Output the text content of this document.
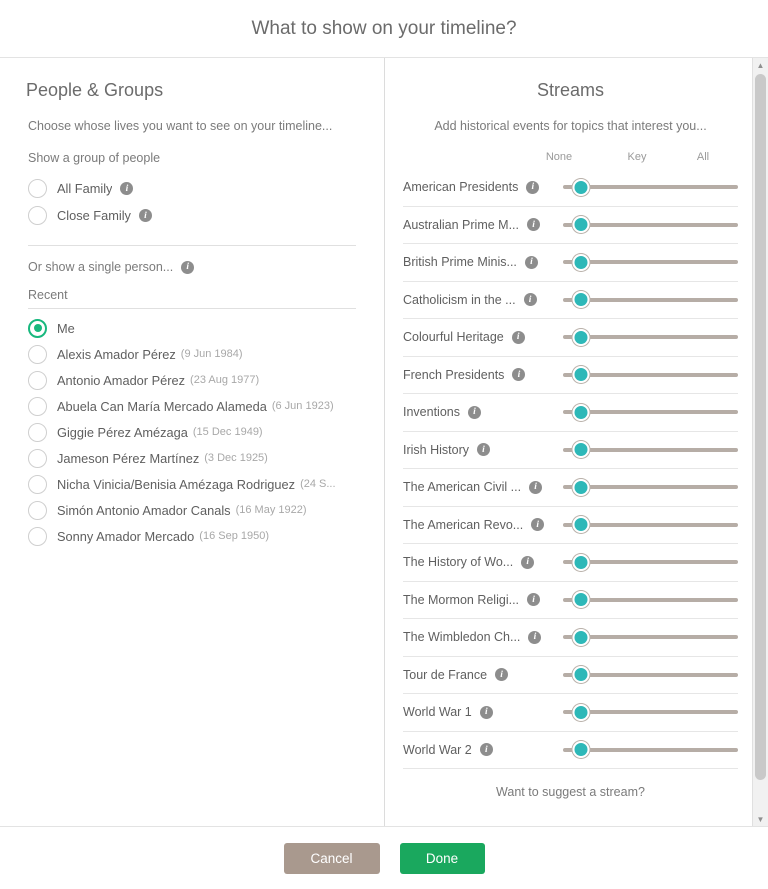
What to show on your timeline?
People & Groups
Choose whose lives you want to see on your timeline...
Show a group of people
All Family	i
Close Family	i
Or show a single person...	i
Recent
Me
Alexis Amador Pérez (9 Jun 1984)
Antonio Amador Pérez (23 Aug 1977)
Abuela Can María Mercado Alameda (6 Jun 1923)
Giggie Pérez Amézaga (15 Dec 1949)
Jameson Pérez Martínez (3 Dec 1925)
Nicha Vinicia/Benisia Amézaga Rodriguez (24 S...
Simón Antonio Amador Canals (16 May 1922)
Sonny Amador Mercado (16 Sep 1950)
Streams
Add historical events for topics that interest you...
None	Key	All
American Presidents	i
Australian Prime M...	i
British Prime Minis...	i
Catholicism in the ...	i
Colourful Heritage	i
French Presidents	i
Inventions	i
Irish History	i
The American Civil ...	i
The American Revo...	i
The History of Wo...	i
The Mormon Religi...	i
The Wimbledon Ch...	i
Tour de France	i
World War 1	i
World War 2	i
Want to suggest a stream?
▲
▼
Cancel	Done
